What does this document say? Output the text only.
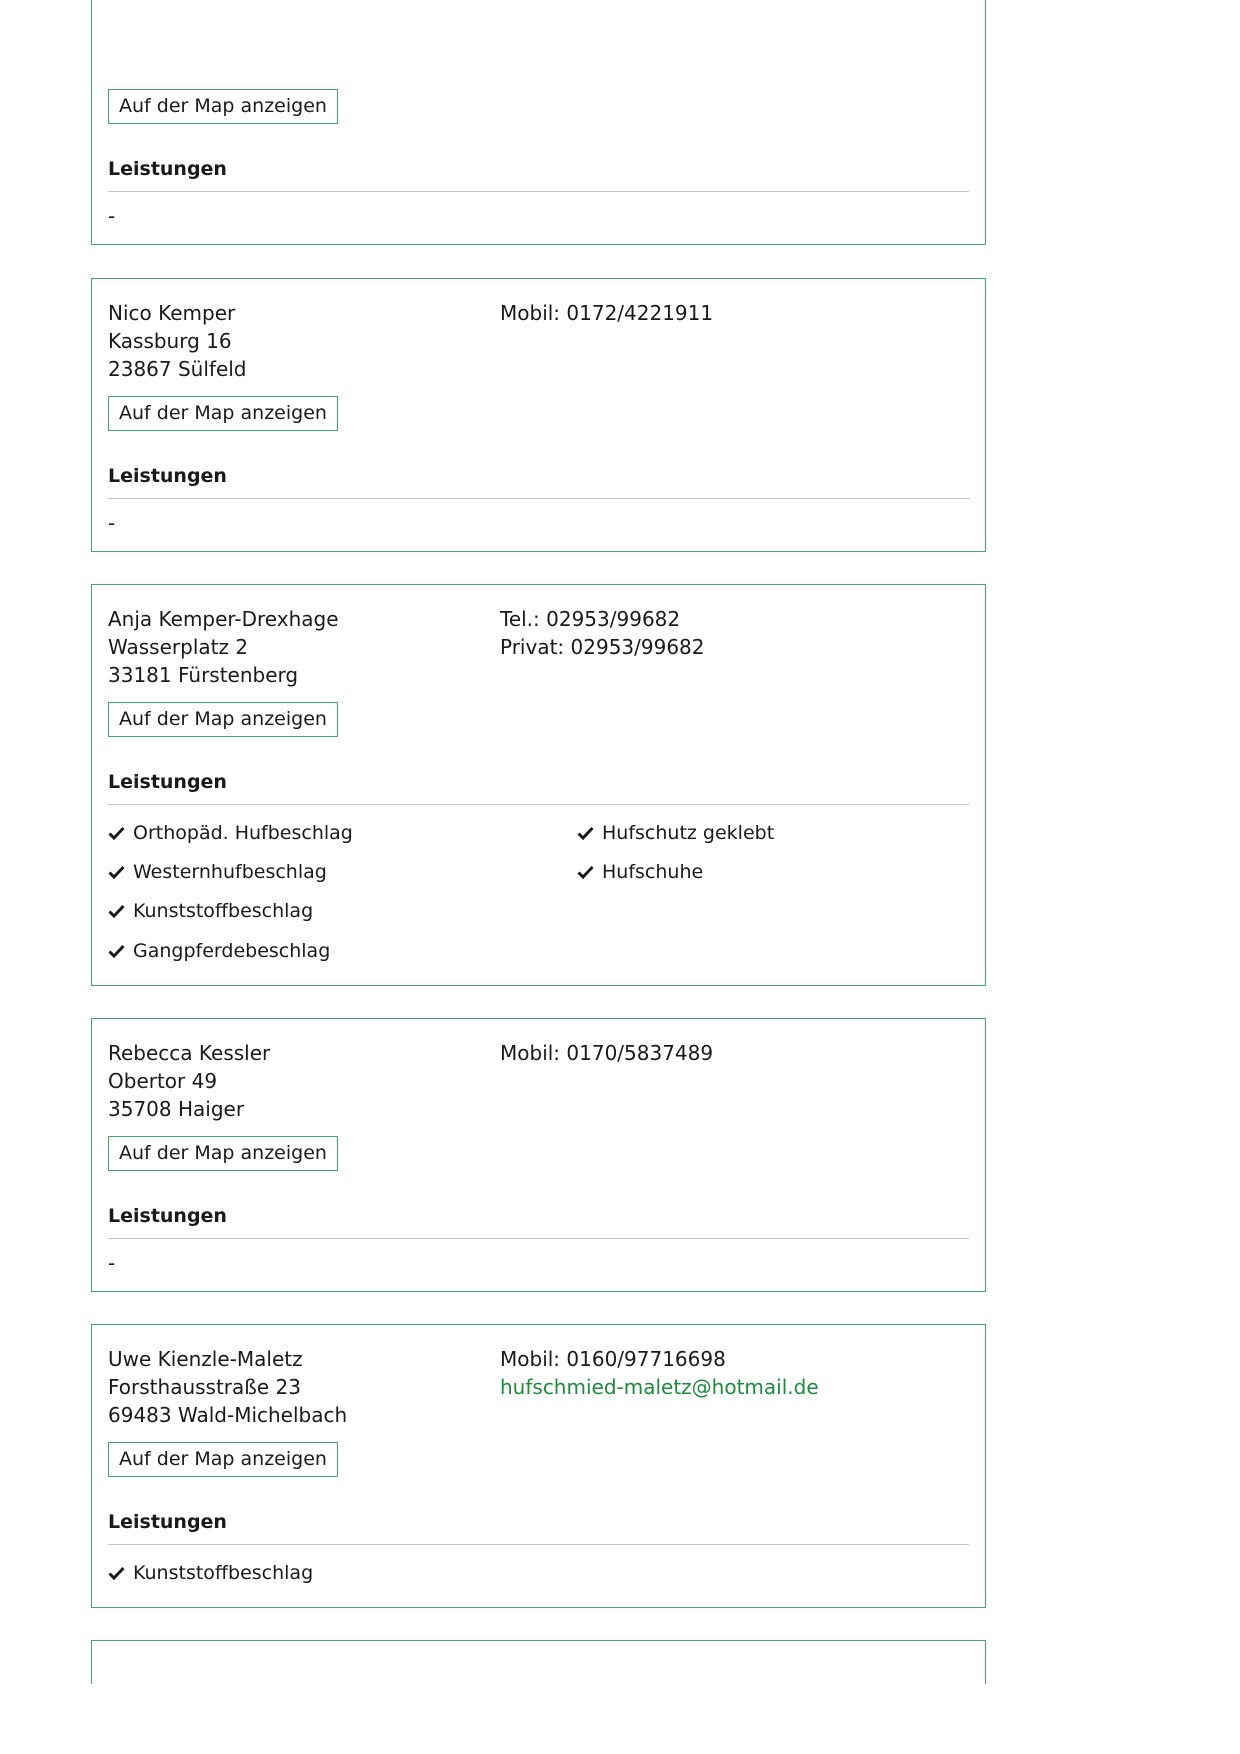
Auf der Map anzeigen
Leistungen
-
Nico Kemper
Kassburg 16
23867 Sülfeld
Mobil: 0172/4221911
Auf der Map anzeigen
Leistungen
-
Anja Kemper-Drexhage
Wasserplatz 2
33181 Fürstenberg
Tel.: 02953/99682
Privat: 02953/99682
Auf der Map anzeigen
Leistungen
Orthopäd. Hufbeschlag
Westernhufbeschlag
Kunststoffbeschlag
Gangpferdebeschlag
Hufschutz geklebt
Hufschuhe
Rebecca Kessler
Obertor 49
35708 Haiger
Mobil: 0170/5837489
Auf der Map anzeigen
Leistungen
-
Uwe Kienzle-Maletz
Forsthausstraße 23
69483 Wald-Michelbach
Mobil: 0160/97716698
hufschmied-maletz@hotmail.de
Auf der Map anzeigen
Leistungen
Kunststoffbeschlag
